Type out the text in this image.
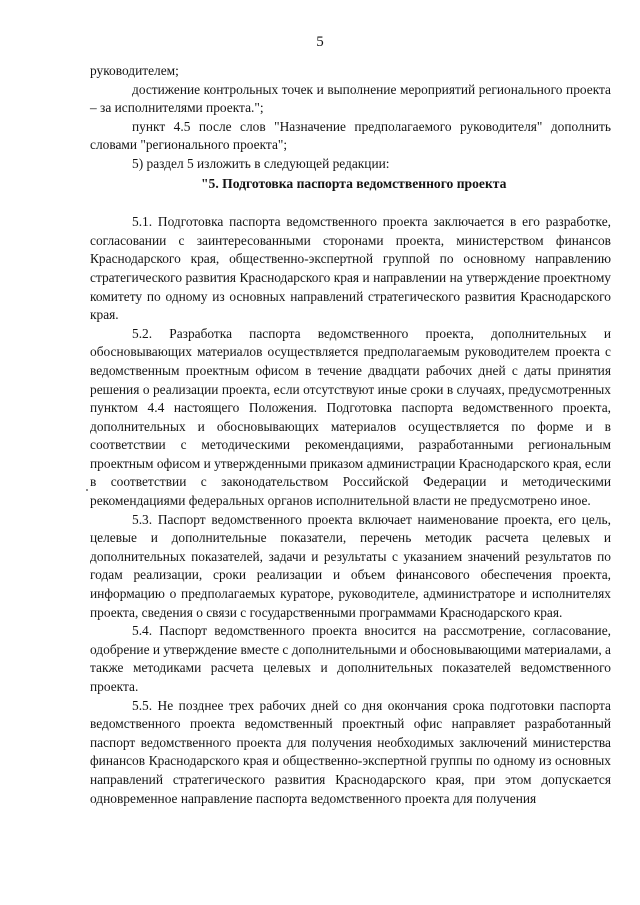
5

руководителем;

достижение контрольных точек и выполнение мероприятий регионального проекта – за исполнителями проекта.";

пункт 4.5 после слов "Назначение предполагаемого руководителя" дополнить словами "регионального проекта";

5) раздел 5 изложить в следующей редакции:

"5. Подготовка паспорта ведомственного проекта

5.1. Подготовка паспорта ведомственного проекта заключается в его разработке, согласовании с заинтересованными сторонами проекта, министерством финансов Краснодарского края, общественно-экспертной группой по основному направлению стратегического развития Краснодарского края и направлении на утверждение проектному комитету по одному из основных направлений стратегического развития Краснодарского края.

5.2. Разработка паспорта ведомственного проекта, дополнительных и обосновывающих материалов осуществляется предполагаемым руководителем проекта с ведомственным проектным офисом в течение двадцати рабочих дней с даты принятия решения о реализации проекта, если отсутствуют иные сроки в случаях, предусмотренных пунктом 4.4 настоящего Положения. Подготовка паспорта ведомственного проекта, дополнительных и обосновывающих материалов осуществляется по форме и в соответствии с методическими рекомендациями, разработанными региональным проектным офисом и утвержденными приказом администрации Краснодарского края, если в соответствии с законодательством Российской Федерации и методическими рекомендациями федеральных органов исполнительной власти не предусмотрено иное.

5.3. Паспорт ведомственного проекта включает наименование проекта, его цель, целевые и дополнительные показатели, перечень методик расчета целевых и дополнительных показателей, задачи и результаты с указанием значений результатов по годам реализации, сроки реализации и объем финансового обеспечения проекта, информацию о предполагаемых кураторе, руководителе, администраторе и исполнителях проекта, сведения о связи с государственными программами Краснодарского края.

5.4. Паспорт ведомственного проекта вносится на рассмотрение, согласование, одобрение и утверждение вместе с дополнительными и обосновывающими материалами, а также методиками расчета целевых и дополнительных показателей ведомственного проекта.

5.5. Не позднее трех рабочих дней со дня окончания срока подготовки паспорта ведомственного проекта ведомственный проектный офис направляет разработанный паспорт ведомственного проекта для получения необходимых заключений министерства финансов Краснодарского края и общественно-экспертной группы по одному из основных направлений стратегического развития Краснодарского края, при этом допускается одновременное направление паспорта ведомственного проекта для получения
